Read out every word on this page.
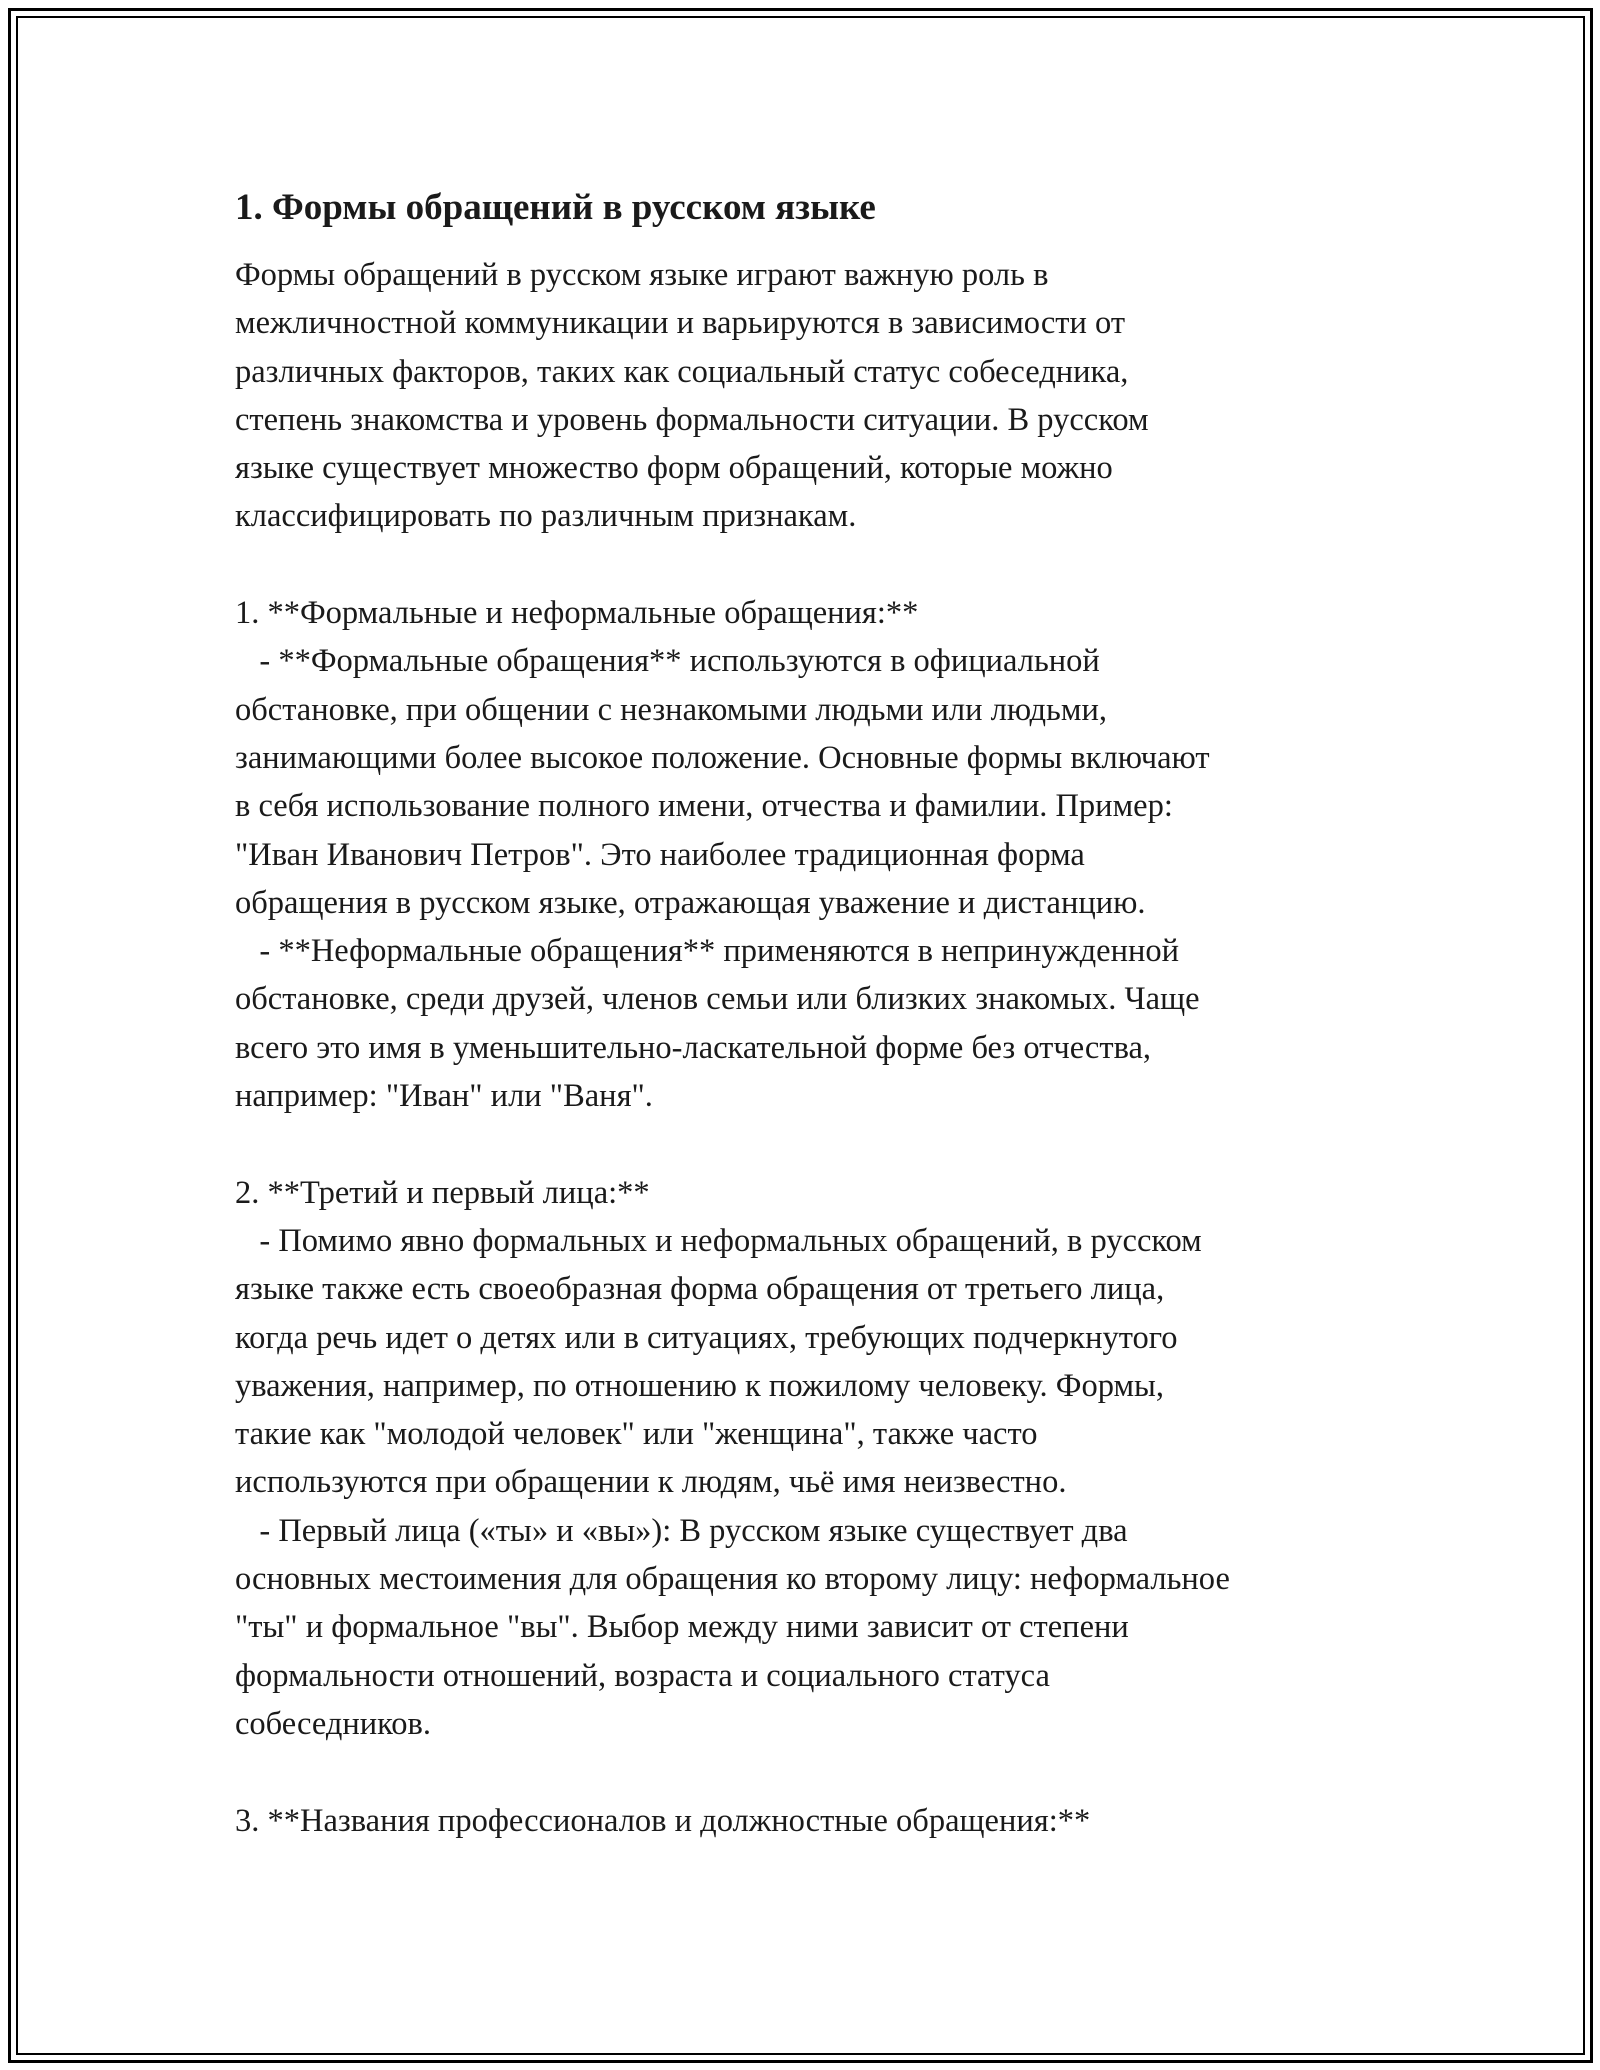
1. Формы обращений в русском языке
Формы обращений в русском языке играют важную роль в
межличностной коммуникации и варьируются в зависимости от
различных факторов, таких как социальный статус собеседника,
степень знакомства и уровень формальности ситуации. В русском
языке существует множество форм обращений, которые можно
классифицировать по различным признакам.
1. **Формальные и неформальные обращения:**
- **Формальные обращения** используются в официальной
обстановке, при общении с незнакомыми людьми или людьми,
занимающими более высокое положение. Основные формы включают
в себя использование полного имени, отчества и фамилии. Пример:
"Иван Иванович Петров". Это наиболее традиционная форма
обращения в русском языке, отражающая уважение и дистанцию.
- **Неформальные обращения** применяются в непринужденной
обстановке, среди друзей, членов семьи или близких знакомых. Чаще
всего это имя в уменьшительно-ласкательной форме без отчества,
например: "Иван" или "Ваня".
2. **Третий и первый лица:**
- Помимо явно формальных и неформальных обращений, в русском
языке также есть своеобразная форма обращения от третьего лица,
когда речь идет о детях или в ситуациях, требующих подчеркнутого
уважения, например, по отношению к пожилому человеку. Формы,
такие как "молодой человек" или "женщина", также часто
используются при обращении к людям, чьё имя неизвестно.
- Первый лица («ты» и «вы»): В русском языке существует два
основных местоимения для обращения ко второму лицу: неформальное
"ты" и формальное "вы". Выбор между ними зависит от степени
формальности отношений, возраста и социального статуса
собеседников.
3. **Названия профессионалов и должностные обращения:**
